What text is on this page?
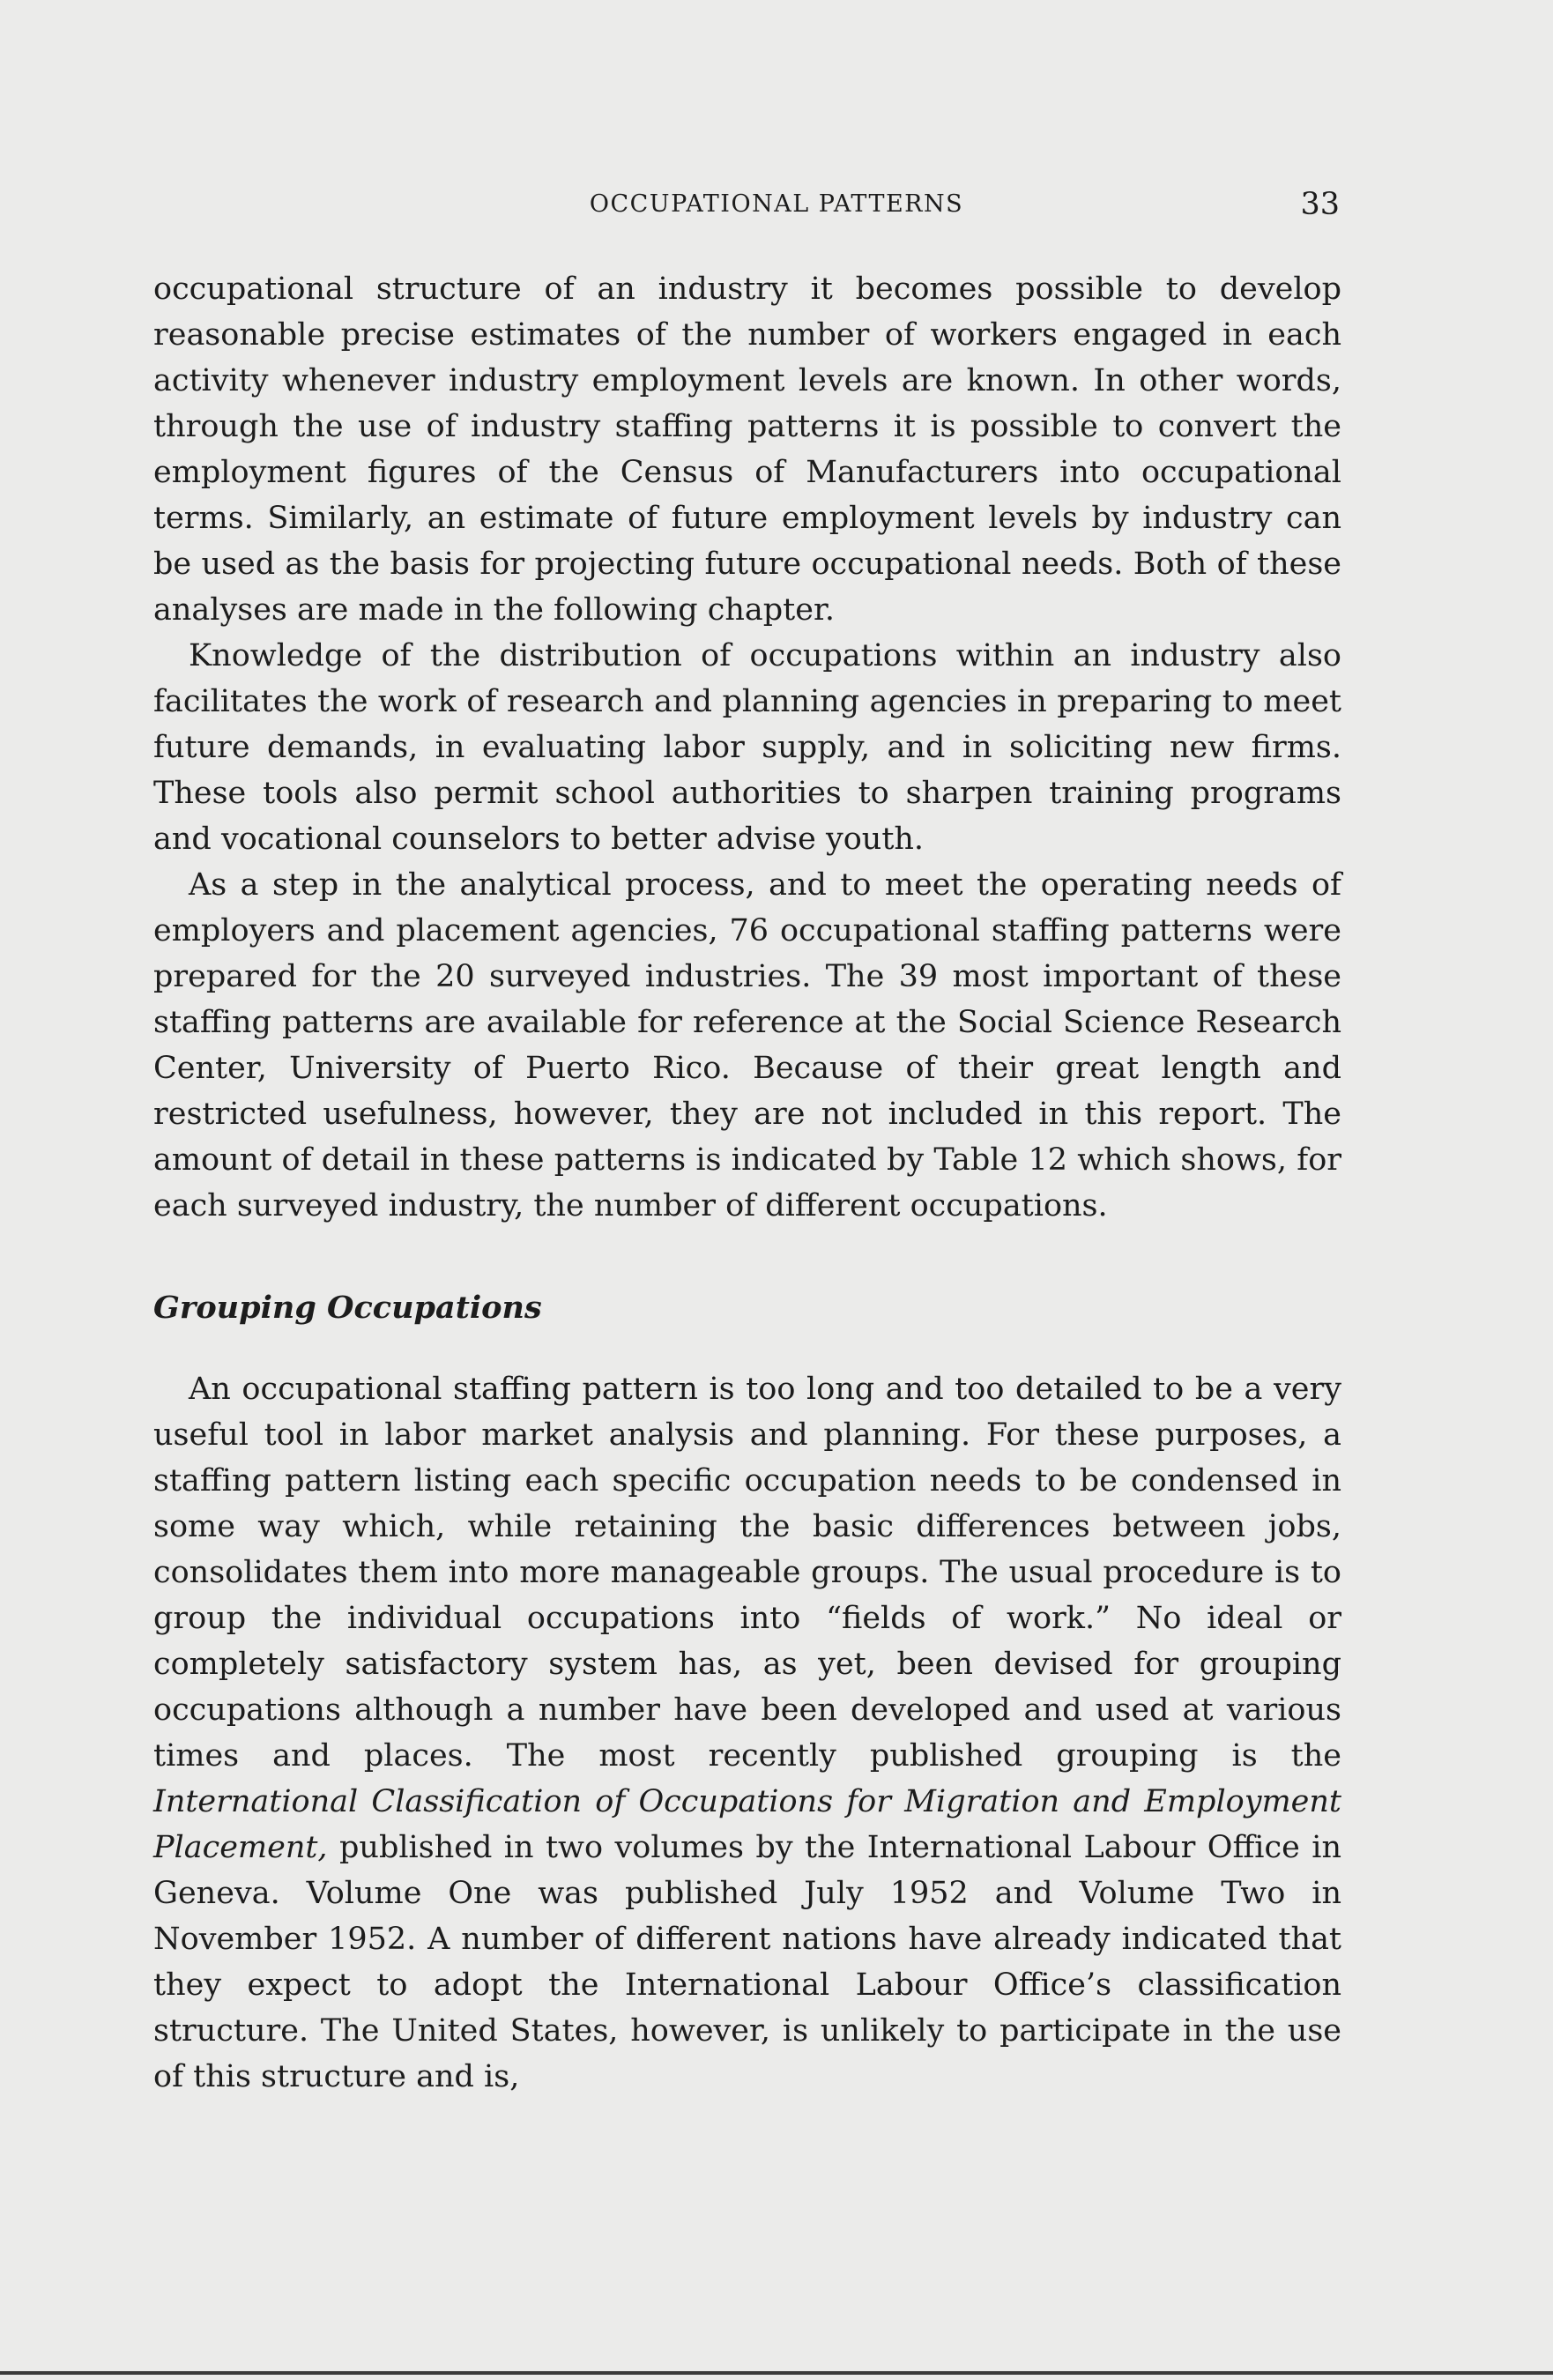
OCCUPATIONAL PATTERNS	33

occupational structure of an industry it becomes possible to develop reasonable precise estimates of the number of workers engaged in each activity whenever industry employment levels are known. In other words, through the use of industry staffing patterns it is possible to convert the employment figures of the Census of Manufacturers into occupational terms. Similarly, an estimate of future employment levels by industry can be used as the basis for projecting future occupational needs. Both of these analyses are made in the following chapter.

Knowledge of the distribution of occupations within an industry also facilitates the work of research and planning agencies in preparing to meet future demands, in evaluating labor supply, and in soliciting new firms. These tools also permit school authorities to sharpen training programs and vocational counselors to better advise youth.

As a step in the analytical process, and to meet the operating needs of employers and placement agencies, 76 occupational staffing patterns were prepared for the 20 surveyed industries. The 39 most important of these staffing patterns are available for reference at the Social Science Research Center, University of Puerto Rico. Because of their great length and restricted usefulness, however, they are not included in this report. The amount of detail in these patterns is indicated by Table 12 which shows, for each surveyed industry, the number of different occupations.

Grouping Occupations

An occupational staffing pattern is too long and too detailed to be a very useful tool in labor market analysis and planning. For these purposes, a staffing pattern listing each specific occupation needs to be condensed in some way which, while retaining the basic differences between jobs, consolidates them into more manageable groups. The usual procedure is to group the individual occupations into “fields of work.” No ideal or completely satisfactory system has, as yet, been devised for grouping occupations although a number have been developed and used at various times and places. The most recently published grouping is the International Classification of Occupations for Migration and Employment Placement, published in two volumes by the International Labour Office in Geneva. Volume One was published July 1952 and Volume Two in November 1952. A number of different nations have already indicated that they expect to adopt the International Labour Office’s classification structure. The United States, however, is unlikely to participate in the use of this structure and is,
